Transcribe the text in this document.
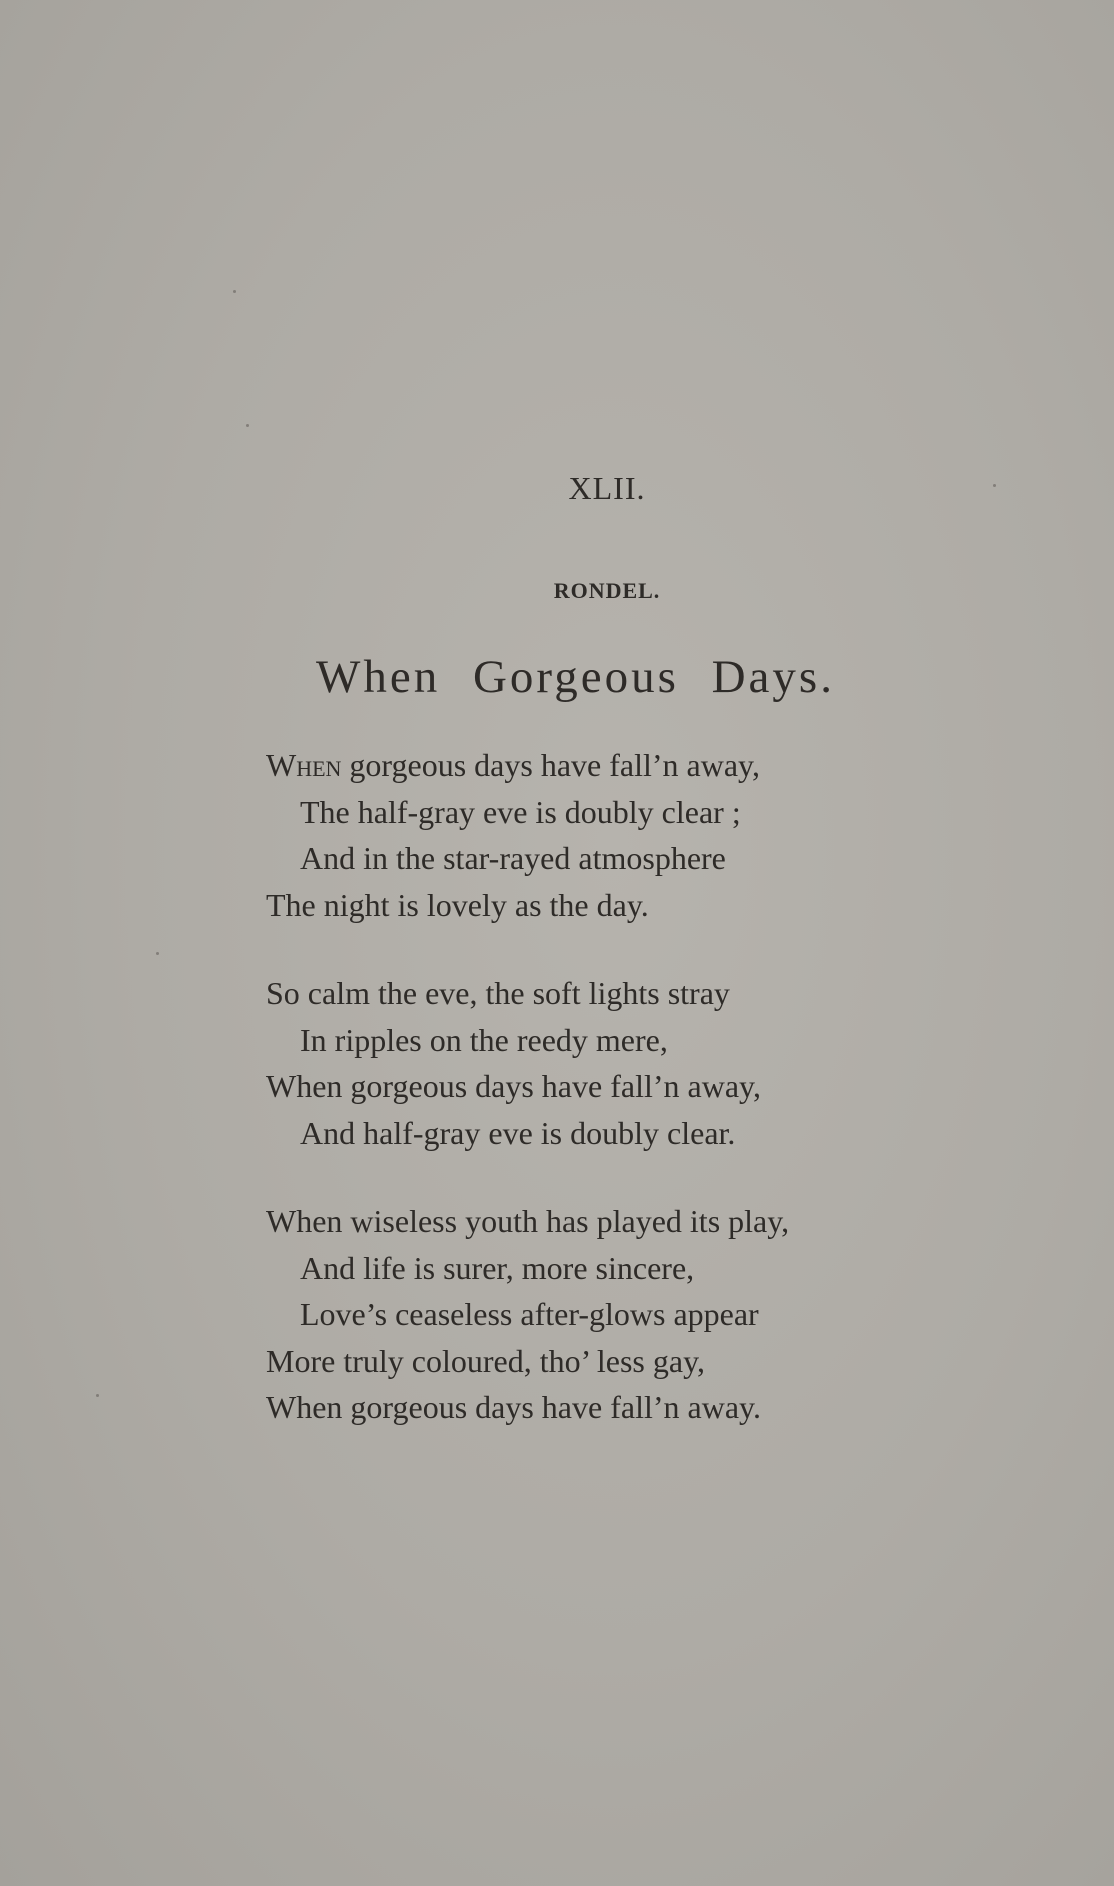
XLII.
RONDEL.
When Gorgeous Days.
When gorgeous days have fall’n away,
The half-gray eve is doubly clear ;
And in the star-rayed atmosphere
The night is lovely as the day.
So calm the eve, the soft lights stray
In ripples on the reedy mere,
When gorgeous days have fall’n away,
And half-gray eve is doubly clear.
When wiseless youth has played its play,
And life is surer, more sincere,
Love’s ceaseless after-glows appear
More truly coloured, tho’ less gay,
When gorgeous days have fall’n away.
